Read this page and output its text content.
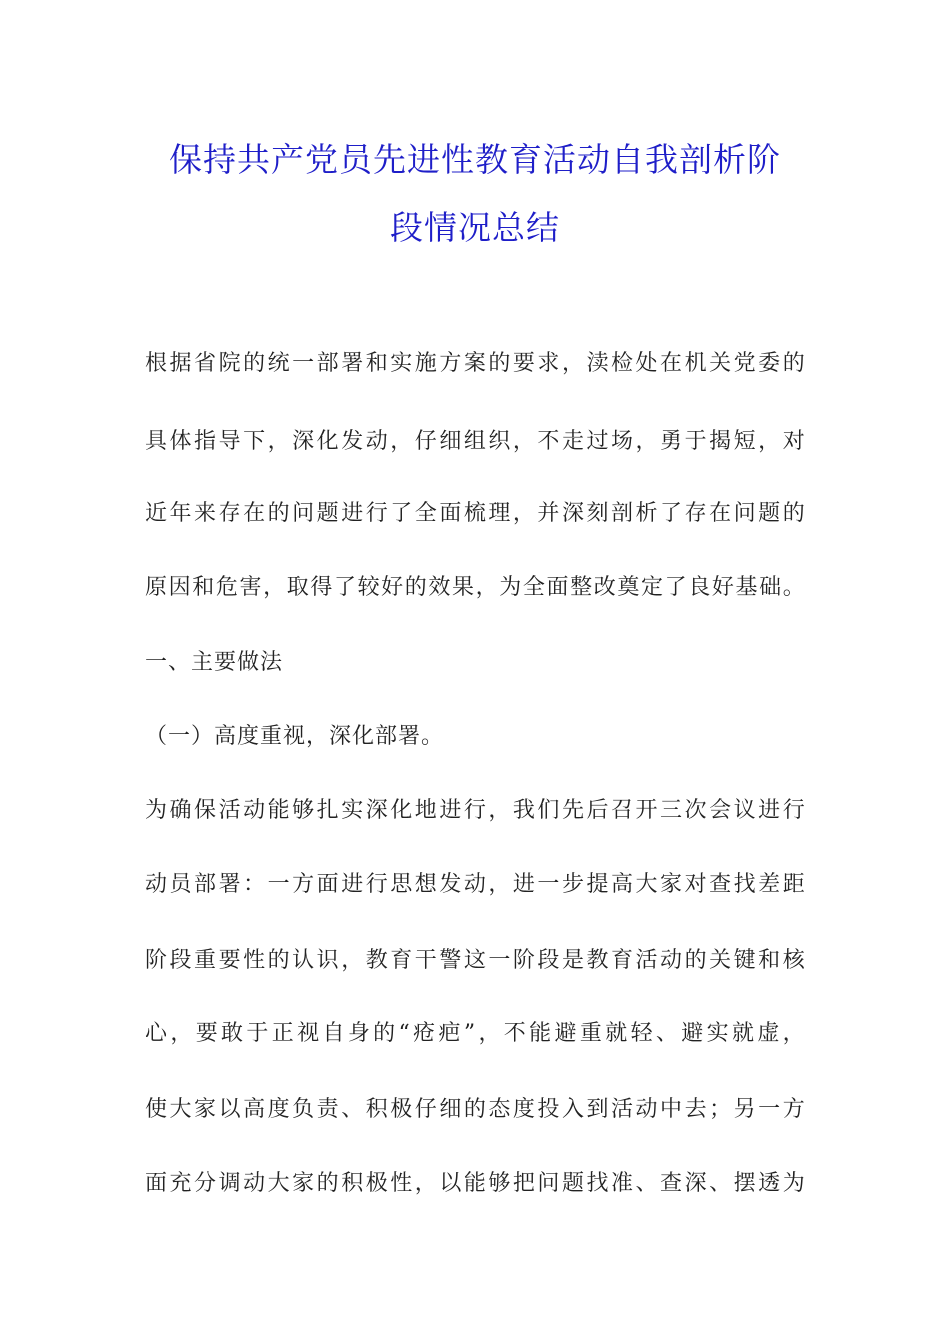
保持共产党员先进性教育活动自我剖析阶
段情况总结
根据省院的统一部署和实施方案的要求，渎检处在机关党委的
具体指导下，深化发动，仔细组织，不走过场，勇于揭短，对
近年来存在的问题进行了全面梳理，并深刻剖析了存在问题的
原因和危害，取得了较好的效果，为全面整改奠定了良好基础。
一、主要做法
（一）高度重视，深化部署。
为确保活动能够扎实深化地进行，我们先后召开三次会议进行
动员部署：一方面进行思想发动，进一步提高大家对查找差距
阶段重要性的认识，教育干警这一阶段是教育活动的关键和核
心，要敢于正视自身的“疮疤”，不能避重就轻、避实就虚，
使大家以高度负责、积极仔细的态度投入到活动中去；另一方
面充分调动大家的积极性，以能够把问题找准、查深、摆透为
